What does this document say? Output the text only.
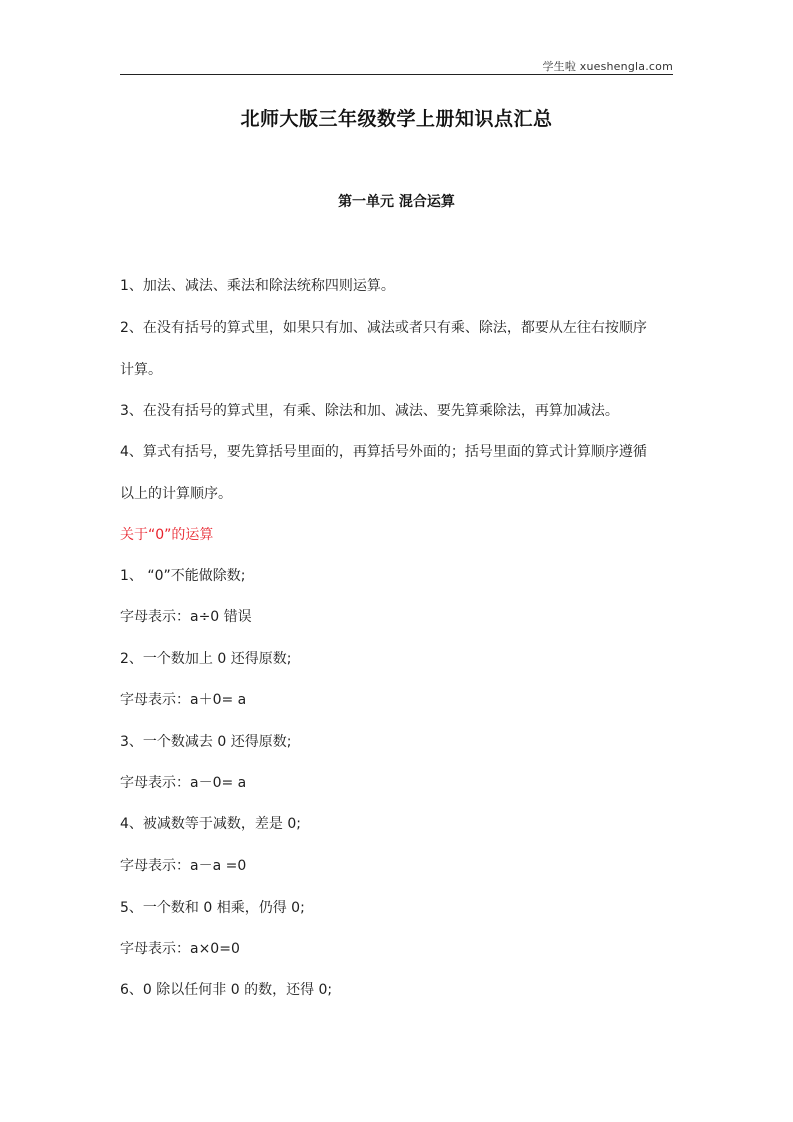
学生啦 xueshengla.com
北师大版三年级数学上册知识点汇总
第一单元 混合运算
1、加法、减法、乘法和除法统称四则运算。
2、在没有括号的算式里，如果只有加、减法或者只有乘、除法，都要从左往右按顺序
计算。
3、在没有括号的算式里，有乘、除法和加、减法、要先算乘除法，再算加减法。
4、算式有括号，要先算括号里面的，再算括号外面的；括号里面的算式计算顺序遵循
以上的计算顺序。
关于“0”的运算
1、 “0”不能做除数;
字母表示：a÷0 错误
2、一个数加上 0 还得原数;
字母表示：a＋0= a
3、一个数减去 0 还得原数;
字母表示：a－0= a
4、被减数等于减数，差是 0;
字母表示：a－a =0
5、一个数和 0 相乘，仍得 0;
字母表示：a×0=0
6、0 除以任何非 0 的数，还得 0;
